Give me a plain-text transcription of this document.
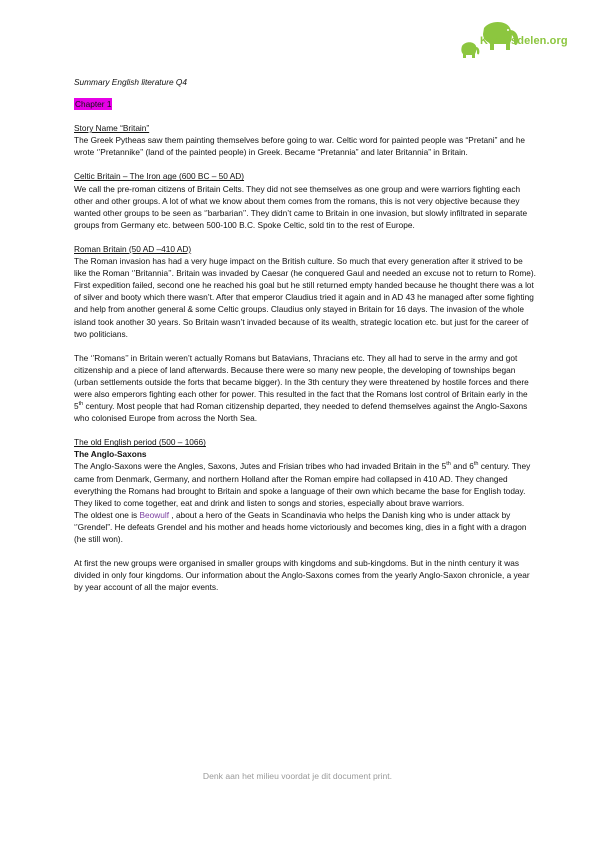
Kennisdelen.org

Summary English literature Q4

Chapter 1
Story Name “Britain”

The Greek Pytheas saw them painting themselves before going to war. Celtic word for painted people was “Pretani” and he wrote ‘’Pretannike’’ (land of the painted people) in Greek. Became “Pretannia” and later Britannia” in Britain.

Celtic Britain – The Iron age (600 BC – 50 AD)

We call the pre-roman citizens of Britain Celts. They did not see themselves as one group and were warriors fighting each other and other groups. A lot of what we know about them comes from the romans, this is not very objective because they wanted other groups to be seen as ‘’barbarian’’. They didn’t came to Britain in one invasion, but slowly infiltrated in separate groups from Germany etc. between 500-100 B.C. Spoke Celtic, sold tin to the rest of Europe.

Roman Britain (50 AD –410 AD)

The Roman invasion has had a very huge impact on the British culture. So much that every generation after it strived to be like the Roman ‘’Britannia’’. Britain was invaded by Caesar (he conquered Gaul and needed an excuse not to return to Rome). First expedition failed, second one he reached his goal but he still returned empty handed because he thought there was a lot of silver and booty which there wasn’t. After that emperor Claudius tried it again and in AD 43 he managed after some fighting and help from another general & some Celtic groups. Claudius only stayed in Britain for 16 days. The invasion of the whole island took another 30 years. So Britain wasn’t invaded because of its wealth, strategic location etc. but just for the career of two politicians.

The ‘’Romans’’ in Britain weren’t actually Romans but Batavians, Thracians etc. They all had to serve in the army and got citizenship and a piece of land afterwards. Because there were so many new people, the developing of townships began (urban settlements outside the forts that became bigger). In the 3th century they were threatened by hostile forces and there were also emperors fighting each other for power. This resulted in the fact that the Romans lost control of Britain early in the 5th century. Most people that had Roman citizenship departed, they needed to defend themselves against the Anglo-Saxons who colonised Europe from across the North Sea.

The old English period (500 – 1066)
The Anglo-Saxons

The Anglo-Saxons were the Angles, Saxons, Jutes and Frisian tribes who had invaded Britain in the 5th and 6th century. They came from Denmark, Germany, and northern Holland after the Roman empire had collapsed in 410 AD. They changed everything the Romans had brought to Britain and spoke a language of their own which became the base for English today. They liked to come together, eat and drink and listen to songs and stories, especially about brave warriors.

The oldest one is Beowulf , about a hero of the Geats in Scandinavia who helps the Danish king who is under attack by ‘’Grendel”. He defeats Grendel and his mother and heads home victoriously and becomes king, dies in a fight with a dragon (he still won).

At first the new groups were organised in smaller groups with kingdoms and sub-kingdoms. But in the ninth century it was divided in only four kingdoms. Our information about the Anglo-Saxons comes from the yearly Anglo-Saxon chronicle, a year by year account of all the major events.

Denk aan het milieu voordat je dit document print.
